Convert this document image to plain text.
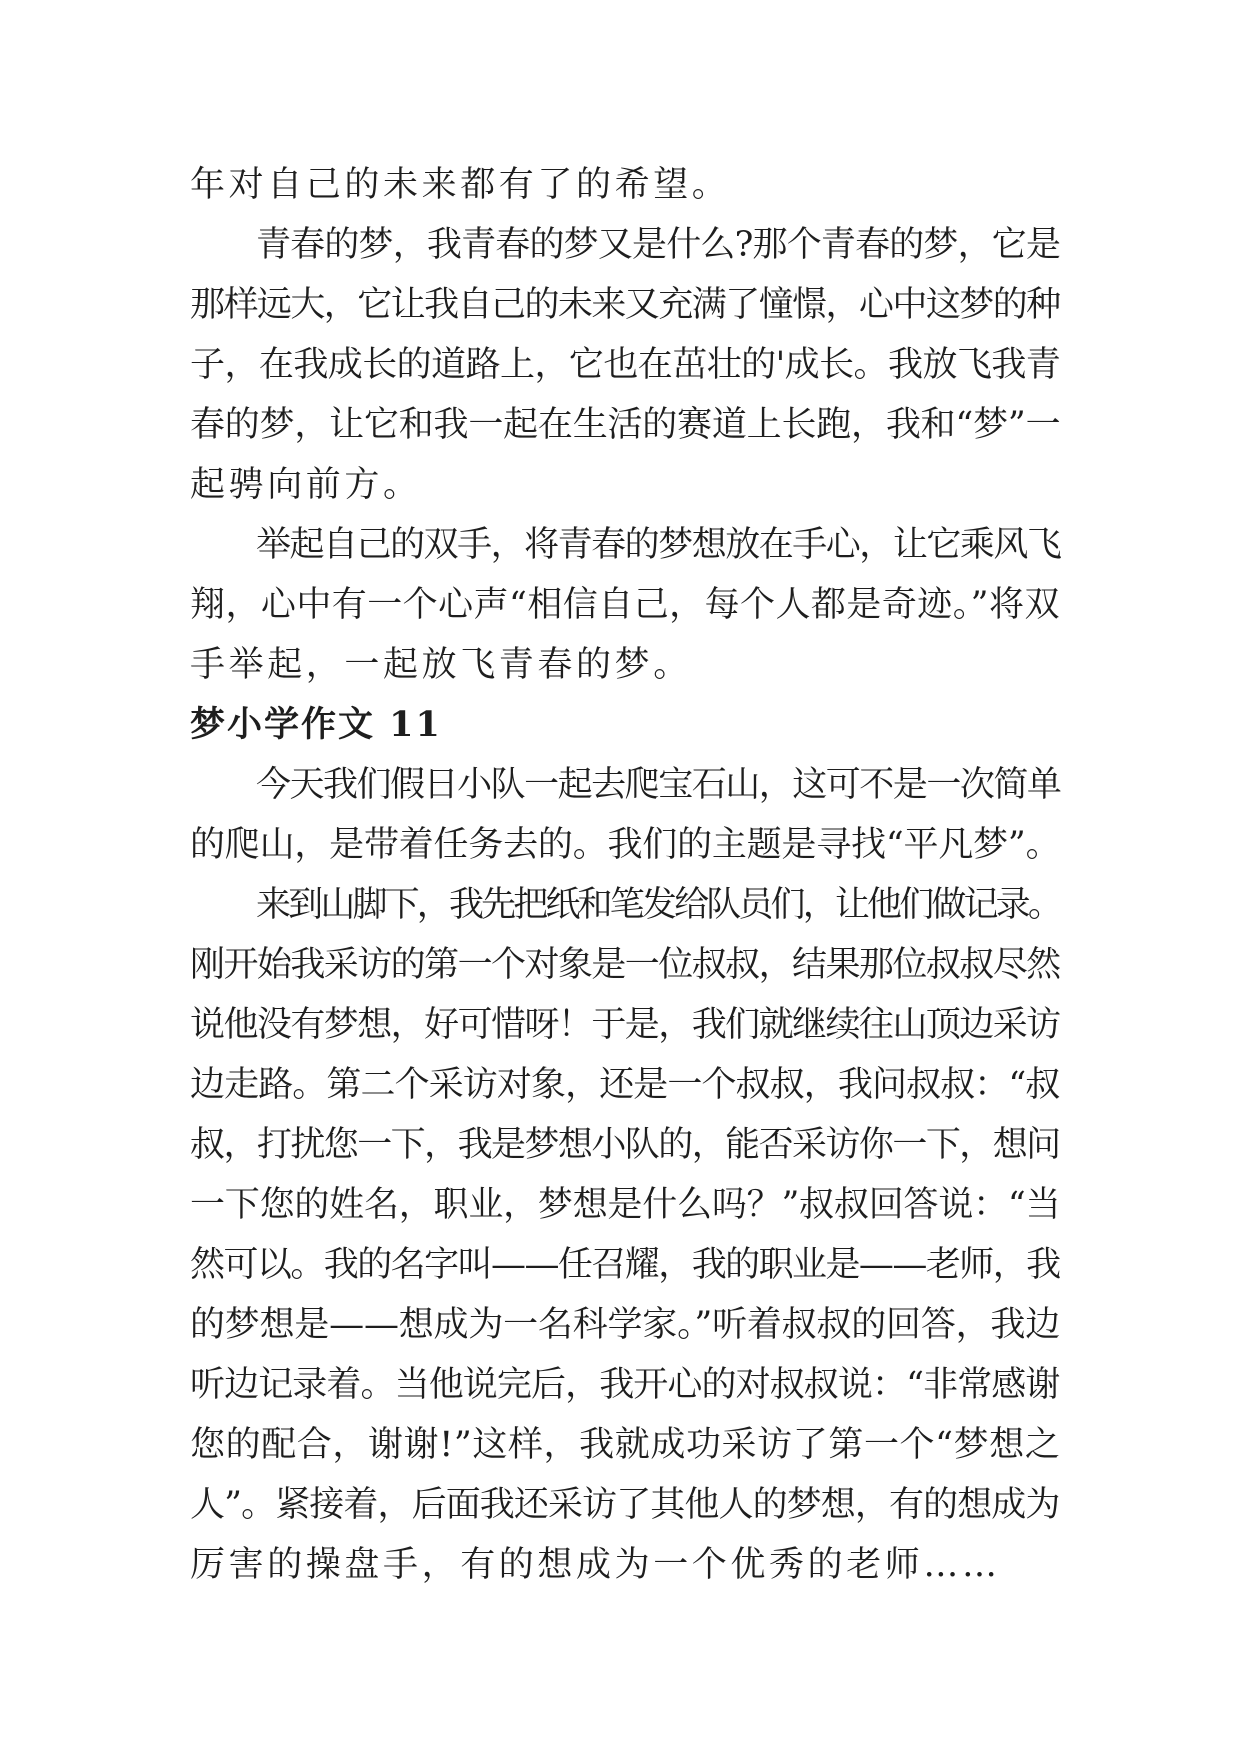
年对自己的未来都有了的希望。

青春的梦，我青春的梦又是什么?那个青春的梦，它是
那样远大，它让我自己的未来又充满了憧憬，心中这梦的种
子，在我成长的道路上，它也在茁壮的'成长。我放飞我青
春的梦，让它和我一起在生活的赛道上长跑，我和“梦”一
起骋向前方。

举起自己的双手，将青春的梦想放在手心，让它乘风飞
翔，心中有一个心声“相信自己，每个人都是奇迹。”将双
手举起，一起放飞青春的梦。

梦小学作文 11

今天我们假日小队一起去爬宝石山，这可不是一次简单
的爬山，是带着任务去的。我们的主题是寻找“平凡梦”。

来到山脚下，我先把纸和笔发给队员们，让他们做记录。
刚开始我采访的第一个对象是一位叔叔，结果那位叔叔尽然
说他没有梦想，好可惜呀！于是，我们就继续往山顶边采访
边走路。第二个采访对象，还是一个叔叔，我问叔叔：“叔
叔，打扰您一下，我是梦想小队的，能否采访你一下，想问
一下您的姓名，职业，梦想是什么吗？”叔叔回答说：“当
然可以。我的名字叫——任召耀，我的职业是——老师，我
的梦想是——想成为一名科学家。”听着叔叔的回答，我边
听边记录着。当他说完后，我开心的对叔叔说：“非常感谢
您的配合，谢谢!”这样，我就成功采访了第一个“梦想之
人”。紧接着，后面我还采访了其他人的梦想，有的想成为
厉害的操盘手，有的想成为一个优秀的老师……
